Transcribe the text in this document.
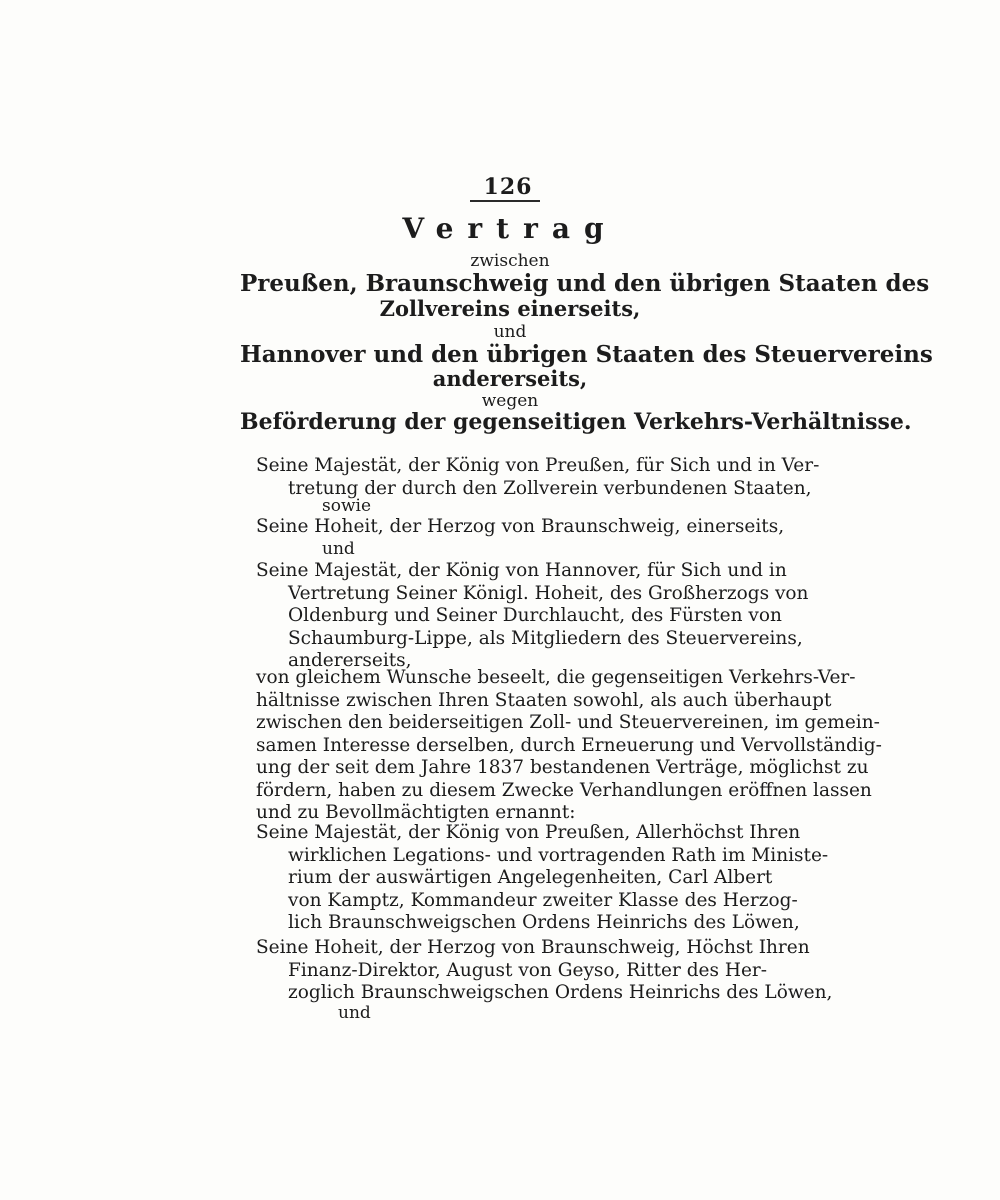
126
Vertrag
zwischen
Preußen, Braunschweig und den übrigen Staaten des
Zollvereins einerseits,
und
Hannover und den übrigen Staaten des Steuervereins
andererseits,
wegen
Beförderung der gegenseitigen Verkehrs-Verhältnisse.
Seine Majestät, der König von Preußen, für Sich und in Ver-
tretung der durch den Zollverein verbundenen Staaten,
sowie
Seine Hoheit, der Herzog von Braunschweig, einerseits,
und
Seine Majestät, der König von Hannover, für Sich und in
Vertretung Seiner Königl. Hoheit, des Großherzogs von
Oldenburg und Seiner Durchlaucht, des Fürsten von
Schaumburg-Lippe, als Mitgliedern des Steuervereins,
andererseits,
von gleichem Wunsche beseelt, die gegenseitigen Verkehrs-Ver-
hältnisse zwischen Ihren Staaten sowohl, als auch überhaupt
zwischen den beiderseitigen Zoll- und Steuervereinen, im gemein-
samen Interesse derselben, durch Erneuerung und Vervollständig-
ung der seit dem Jahre 1837 bestandenen Verträge, möglichst zu
fördern, haben zu diesem Zwecke Verhandlungen eröffnen lassen
und zu Bevollmächtigten ernannt:
Seine Majestät, der König von Preußen, Allerhöchst Ihren
wirklichen Legations- und vortragenden Rath im Ministe-
rium der auswärtigen Angelegenheiten, Carl Albert
von Kamptz, Kommandeur zweiter Klasse des Herzog-
lich Braunschweigschen Ordens Heinrichs des Löwen,
Seine Hoheit, der Herzog von Braunschweig, Höchst Ihren
Finanz-Direktor, August von Geyso, Ritter des Her-
zoglich Braunschweigschen Ordens Heinrichs des Löwen,
und
